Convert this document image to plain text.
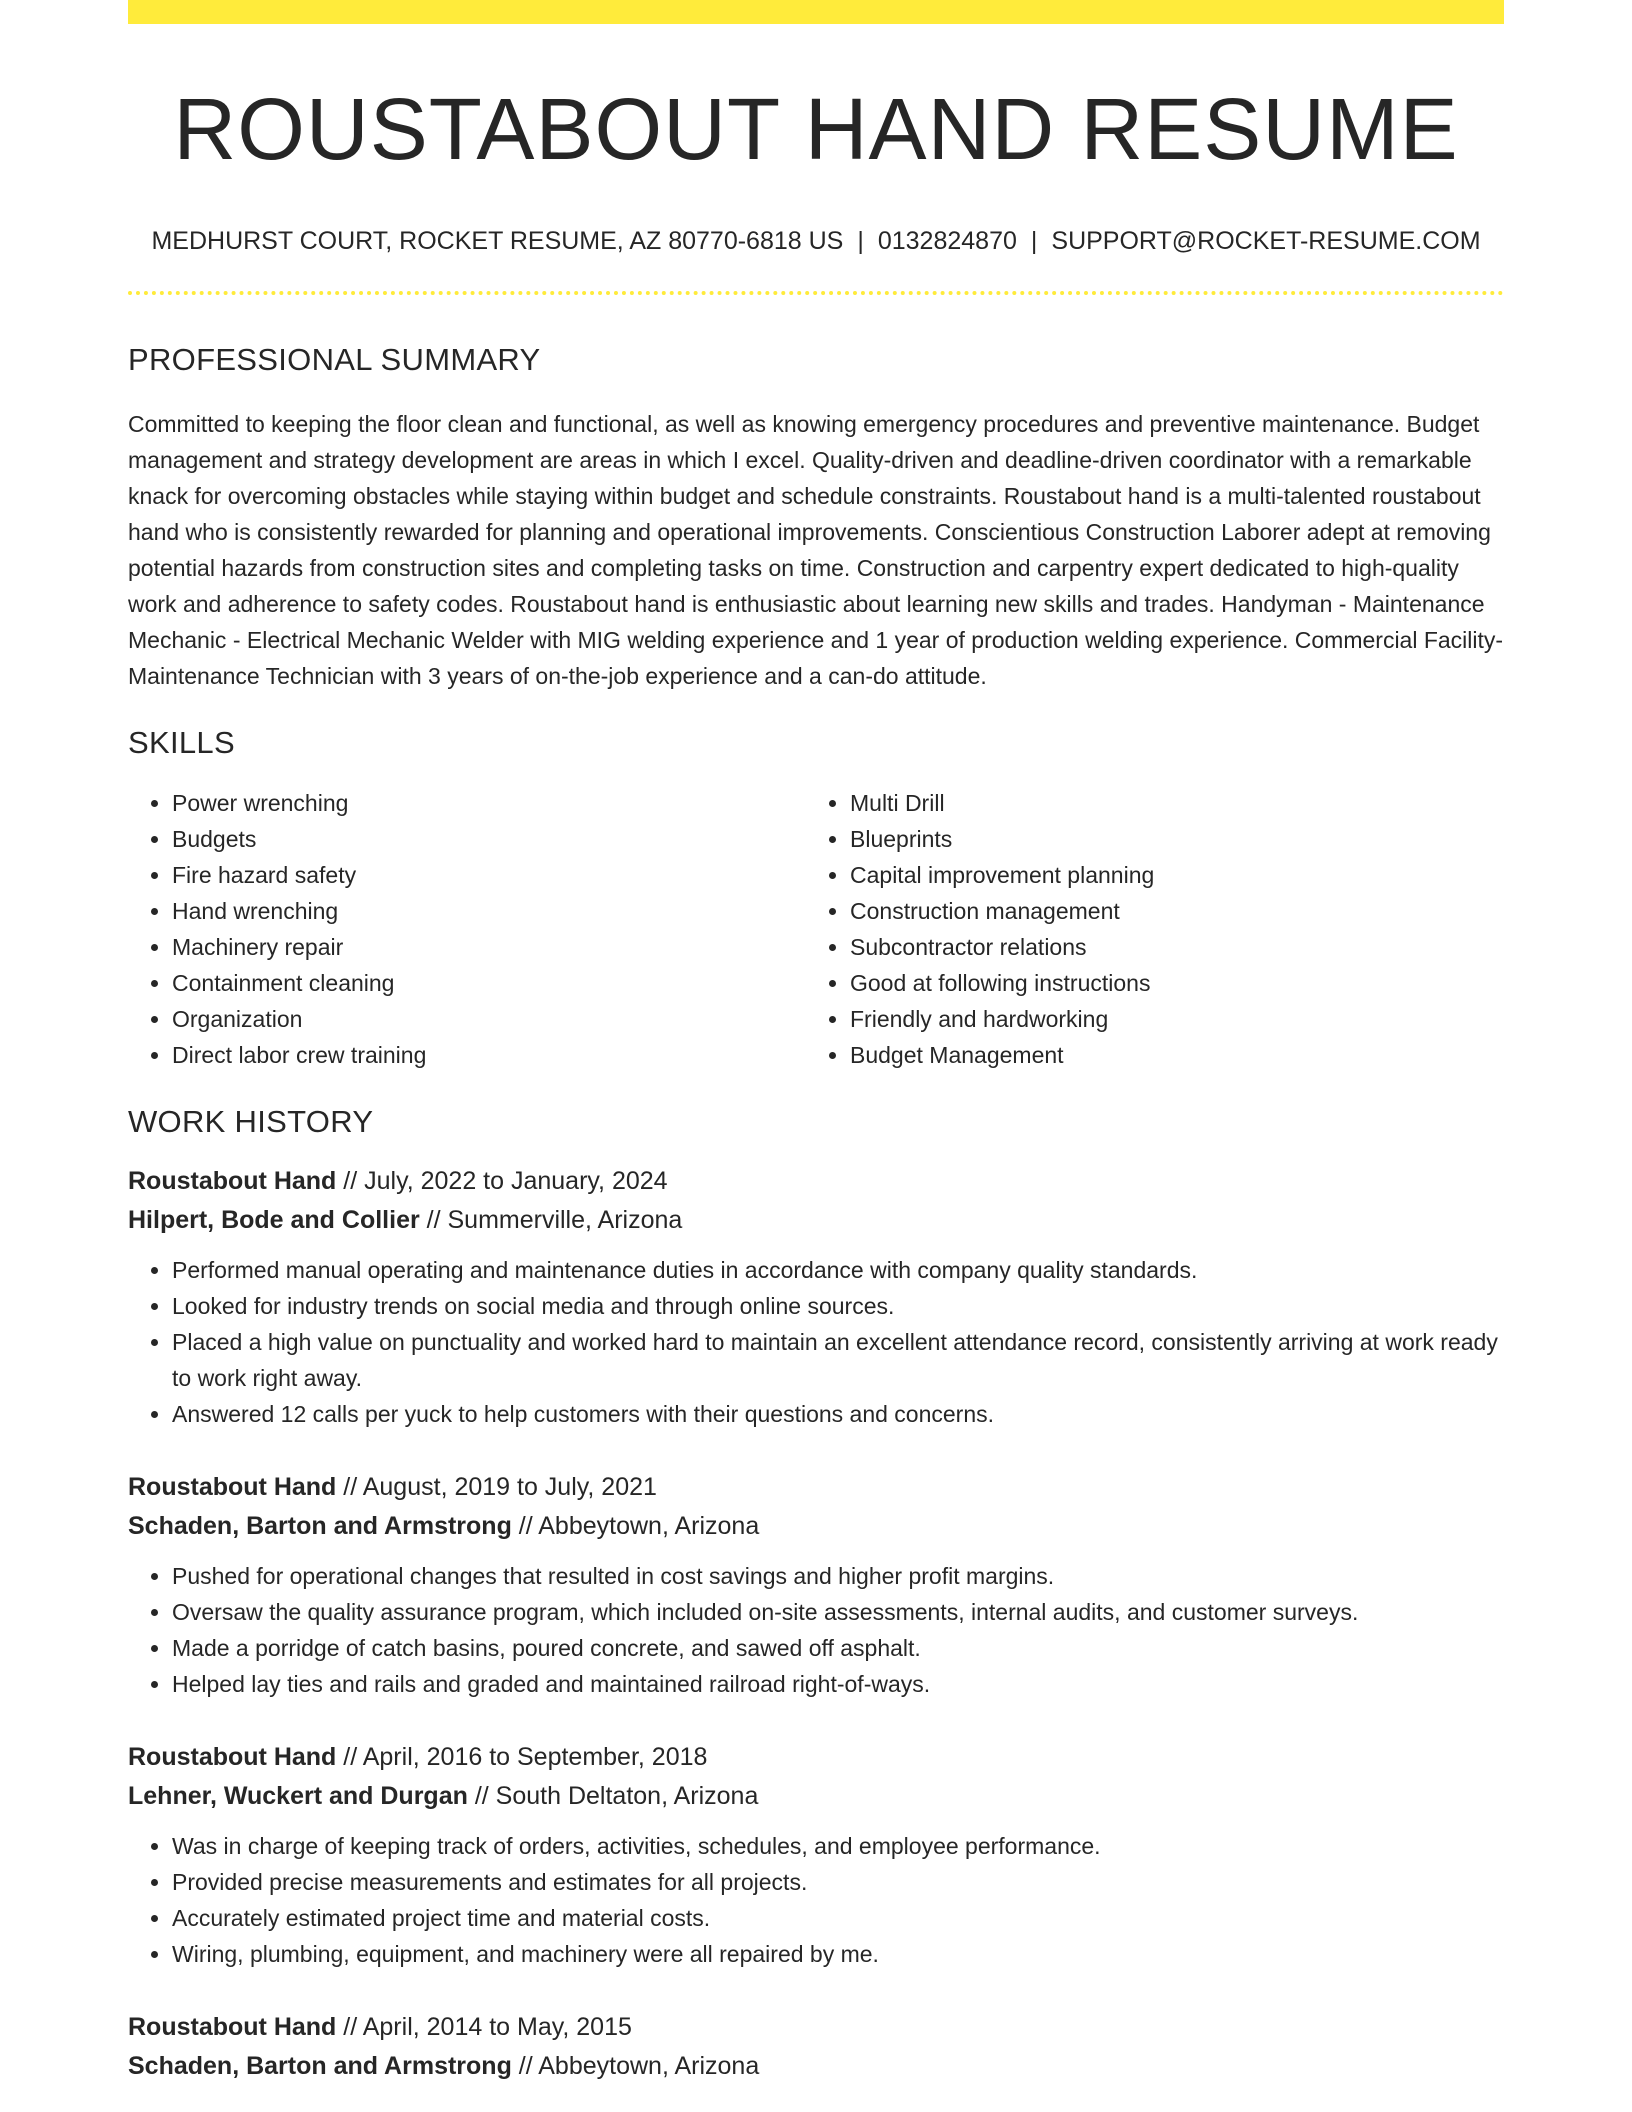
ROUSTABOUT HAND RESUME
MEDHURST COURT, ROCKET RESUME, AZ 80770-6818 US | 0132824870 | SUPPORT@ROCKET-RESUME.COM
PROFESSIONAL SUMMARY

Committed to keeping the floor clean and functional, as well as knowing emergency procedures and preventive maintenance. Budget management and strategy development are areas in which I excel. Quality-driven and deadline-driven coordinator with a remarkable knack for overcoming obstacles while staying within budget and schedule constraints. Roustabout hand is a multi-talented roustabout hand who is consistently rewarded for planning and operational improvements. Conscientious Construction Laborer adept at removing potential hazards from construction sites and completing tasks on time. Construction and carpentry expert dedicated to high-quality work and adherence to safety codes. Roustabout hand is enthusiastic about learning new skills and trades. Handyman - Maintenance Mechanic - Electrical Mechanic Welder with MIG welding experience and 1 year of production welding experience. Commercial Facility-Maintenance Technician with 3 years of on-the-job experience and a can-do attitude.

SKILLS
• Power wrenching
• Budgets
• Fire hazard safety
• Hand wrenching
• Machinery repair
• Containment cleaning
• Organization
• Direct labor crew training
• Multi Drill
• Blueprints
• Capital improvement planning
• Construction management
• Subcontractor relations
• Good at following instructions
• Friendly and hardworking
• Budget Management
WORK HISTORY
Roustabout Hand // July, 2022 to January, 2024
Hilpert, Bode and Collier // Summerville, Arizona
• Performed manual operating and maintenance duties in accordance with company quality standards.
• Looked for industry trends on social media and through online sources.
• Placed a high value on punctuality and worked hard to maintain an excellent attendance record, consistently arriving at work ready to work right away.
• Answered 12 calls per yuck to help customers with their questions and concerns.
Roustabout Hand // August, 2019 to July, 2021
Schaden, Barton and Armstrong // Abbeytown, Arizona
• Pushed for operational changes that resulted in cost savings and higher profit margins.
• Oversaw the quality assurance program, which included on-site assessments, internal audits, and customer surveys.
• Made a porridge of catch basins, poured concrete, and sawed off asphalt.
• Helped lay ties and rails and graded and maintained railroad right-of-ways.
Roustabout Hand // April, 2016 to September, 2018
Lehner, Wuckert and Durgan // South Deltaton, Arizona
• Was in charge of keeping track of orders, activities, schedules, and employee performance.
• Provided precise measurements and estimates for all projects.
• Accurately estimated project time and material costs.
• Wiring, plumbing, equipment, and machinery were all repaired by me.
Roustabout Hand // April, 2014 to May, 2015
Schaden, Barton and Armstrong // Abbeytown, Arizona
